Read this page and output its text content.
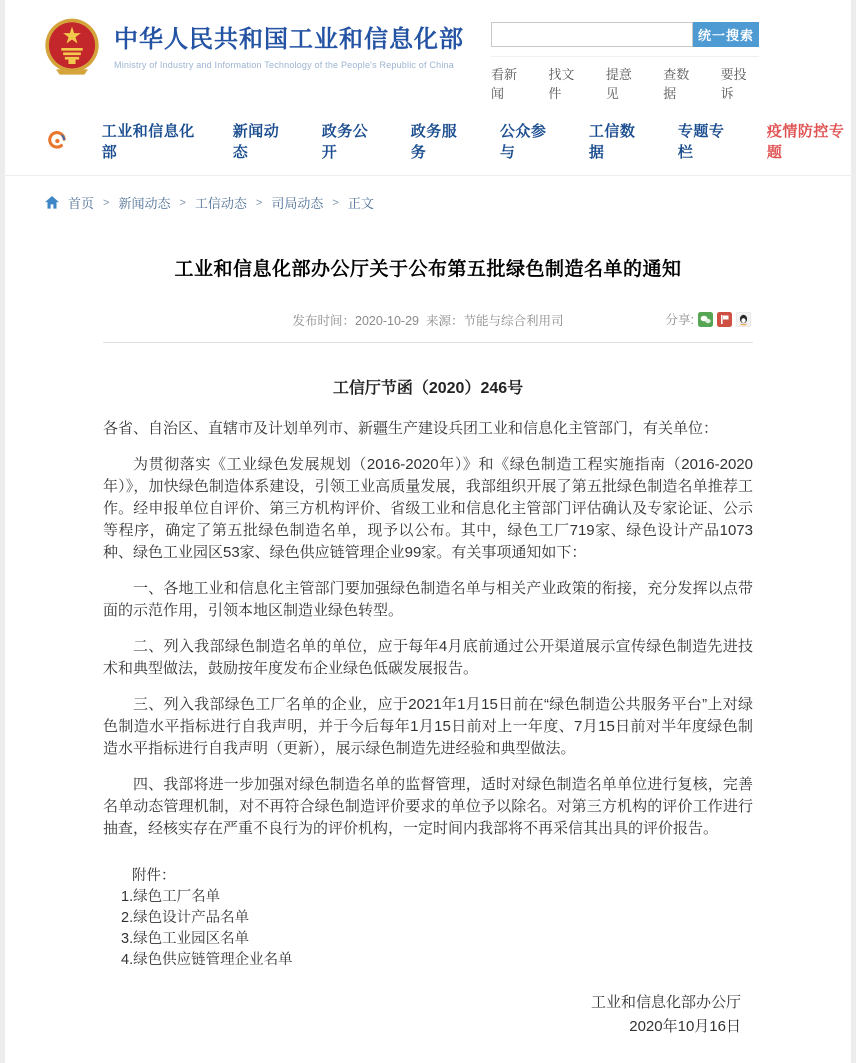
中华人民共和国工业和信息化部
Ministry of Industry and Information Technology of the People's Republic of China
统一搜索
看新闻
找文件
提意见
查数据
要投诉
工业和信息化部
新闻动态
政务公开
政务服务
公众参与
工信数据
专题专栏
疫情防控专题
首页 > 新闻动态 > 工信动态 > 司局动态 > 正文
工业和信息化部办公厅关于公布第五批绿色制造名单的通知
发布时间：2020-10-29 来源：节能与综合利用司	分享:
工信厅节函（2020）246号

各省、自治区、直辖市及计划单列市、新疆生产建设兵团工业和信息化主管部门，有关单位：

为贯彻落实《工业绿色发展规划（2016-2020年）》和《绿色制造工程实施指南（2016-2020年）》，加快绿色制造体系建设，引领工业高质量发展，我部组织开展了第五批绿色制造名单推荐工作。经申报单位自评价、第三方机构评价、省级工业和信息化主管部门评估确认及专家论证、公示等程序，确定了第五批绿色制造名单，现予以公布。其中，绿色工厂719家、绿色设计产品1073种、绿色工业园区53家、绿色供应链管理企业99家。有关事项通知如下：

一、各地工业和信息化主管部门要加强绿色制造名单与相关产业政策的衔接，充分发挥以点带面的示范作用，引领本地区制造业绿色转型。

二、列入我部绿色制造名单的单位，应于每年4月底前通过公开渠道展示宣传绿色制造先进技术和典型做法，鼓励按年度发布企业绿色低碳发展报告。

三、列入我部绿色工厂名单的企业，应于2021年1月15日前在“绿色制造公共服务平台”上对绿色制造水平指标进行自我声明，并于今后每年1月15日前对上一年度、7月15日前对半年度绿色制造水平指标进行自我声明（更新），展示绿色制造先进经验和典型做法。

四、我部将进一步加强对绿色制造名单的监督管理，适时对绿色制造名单单位进行复核，完善名单动态管理机制，对不再符合绿色制造评价要求的单位予以除名。对第三方机构的评价工作进行抽查，经核实存在严重不良行为的评价机构，一定时间内我部将不再采信其出具的评价报告。

附件：
1.绿色工厂名单
2.绿色设计产品名单
3.绿色工业园区名单
4.绿色供应链管理企业名单
工业和信息化部办公厅
2020年10月16日
